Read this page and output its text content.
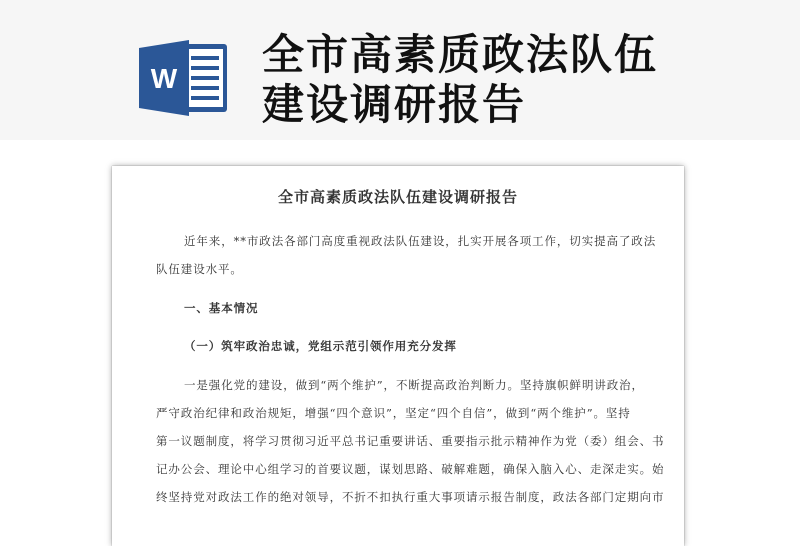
W 全市高素质政法队伍
建设调研报告
全市高素质政法队伍建设调研报告
近年来，**市政法各部门高度重视政法队伍建设，扎实开展各项工作，切实提高了政法
队伍建设水平。
一、基本情况
（一）筑牢政治忠诚，党组示范引领作用充分发挥
一是强化党的建设，做到“两个维护”，不断提高政治判断力。坚持旗帜鲜明讲政治，
严守政治纪律和政治规矩，增强“四个意识”，坚定“四个自信”，做到“两个维护”。坚持
第一议题制度，将学习贯彻习近平总书记重要讲话、重要指示批示精神作为党（委）组会、书
记办公会、理论中心组学习的首要议题，谋划思路、破解难题，确保入脑入心、走深走实。始
终坚持党对政法工作的绝对领导，不折不扣执行重大事项请示报告制度，政法各部门定期向市
